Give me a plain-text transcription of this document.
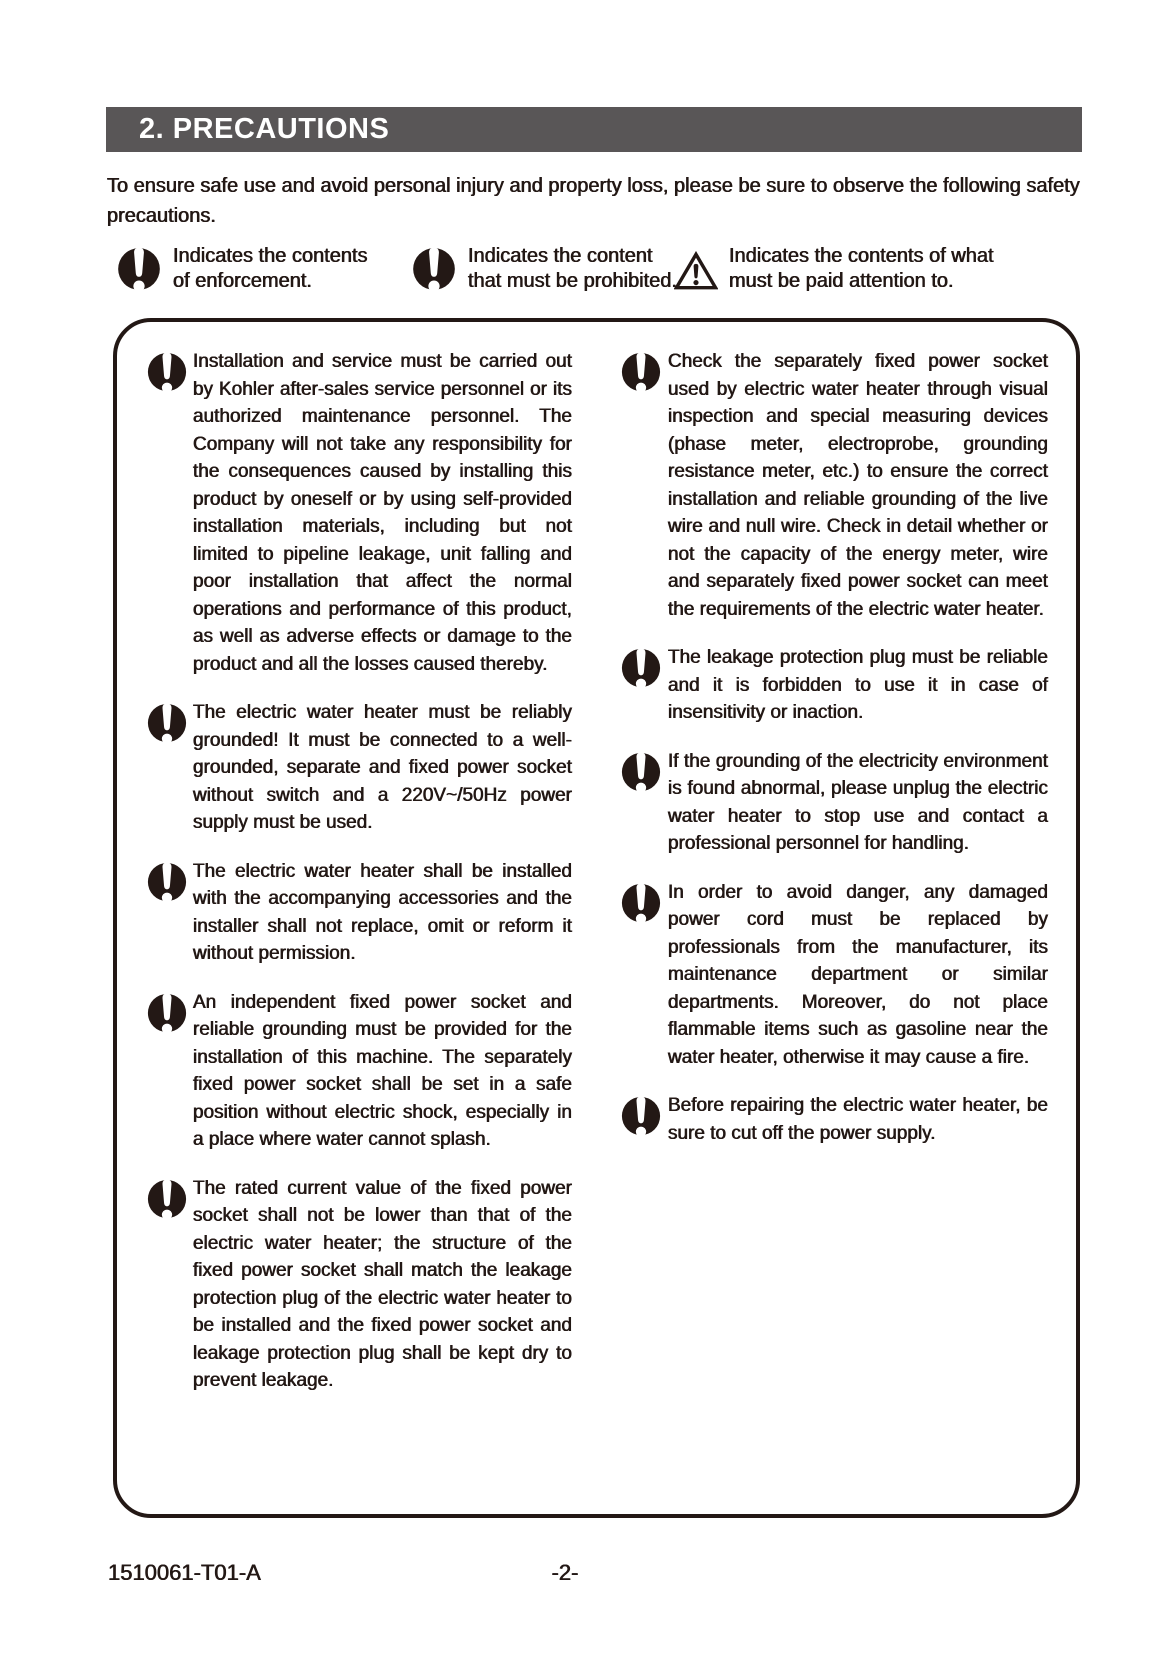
2. PRECAUTIONS

To ensure safe use and avoid personal injury and property loss, please be sure to observe the following safety precautions.

Indicates the contents
of enforcement.
Indicates the content
that must be prohibited.
Indicates the contents of what
must be paid attention to.

Installation and service must be carried out by Kohler after-sales service personnel or its authorized maintenance personnel. The Company will not take any responsibility for the consequences caused by installing this product by oneself or by using self-provided installation materials, including but not limited to pipeline leakage, unit falling and poor installation that affect the normal operations and performance of this product, as well as adverse effects or damage to the product and all the losses caused thereby.

The electric water heater must be reliably grounded! It must be connected to a well-grounded, separate and fixed power socket without switch and a 220V~/50Hz power supply must be used.

The electric water heater shall be installed with the accompanying accessories and the installer shall not replace, omit or reform it without permission.

An independent fixed power socket and reliable grounding must be provided for the installation of this machine. The separately fixed power socket shall be set in a safe position without electric shock, especially in a place where water cannot splash.

The rated current value of the fixed power socket shall not be lower than that of the electric water heater; the structure of the fixed power socket shall match the leakage protection plug of the electric water heater to be installed and the fixed power socket and leakage protection plug shall be kept dry to prevent leakage.

Check the separately fixed power socket used by electric water heater through visual inspection and special measuring devices (phase meter, electroprobe, grounding resistance meter, etc.) to ensure the correct installation and reliable grounding of the live wire and null wire. Check in detail whether or not the capacity of the energy meter, wire and separately fixed power socket can meet the requirements of the electric water heater.

The leakage protection plug must be reliable and it is forbidden to use it in case of insensitivity or inaction.

If the grounding of the electricity environment is found abnormal, please unplug the electric water heater to stop use and contact a professional personnel for handling.

In order to avoid danger, any damaged power cord must be replaced by professionals from the manufacturer, its maintenance department or similar departments. Moreover, do not place flammable items such as gasoline near the water heater, otherwise it may cause a fire.

Before repairing the electric water heater, be sure to cut off the power supply.

1510061-T01-A	-2-
